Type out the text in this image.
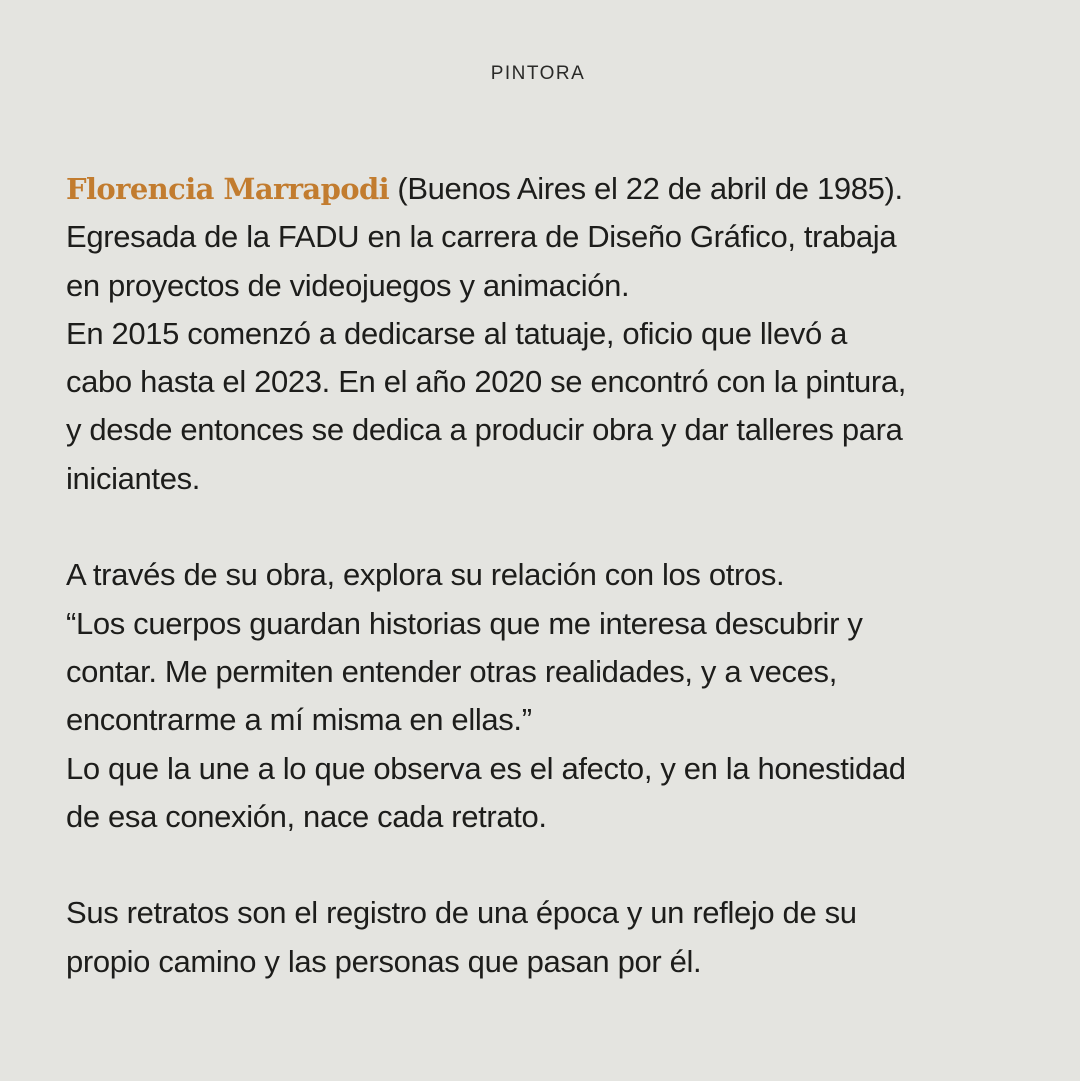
PINTORA
Florencia Marrapodi (Buenos Aires el 22 de abril de 1985).
Egresada de la FADU en la carrera de Diseño Gráfico, trabaja
en proyectos de videojuegos y animación.
En 2015 comenzó a dedicarse al tatuaje, oficio que llevó a
cabo hasta el 2023. En el año 2020 se encontró con la pintura,
y desde entonces se dedica a producir obra y dar talleres para
iniciantes.
A través de su obra, explora su relación con los otros.
“Los cuerpos guardan historias que me interesa descubrir y
contar. Me permiten entender otras realidades, y a veces,
encontrarme a mí misma en ellas.”
Lo que la une a lo que observa es el afecto, y en la honestidad
de esa conexión, nace cada retrato.
Sus retratos son el registro de una época y un reflejo de su
propio camino y las personas que pasan por él.
